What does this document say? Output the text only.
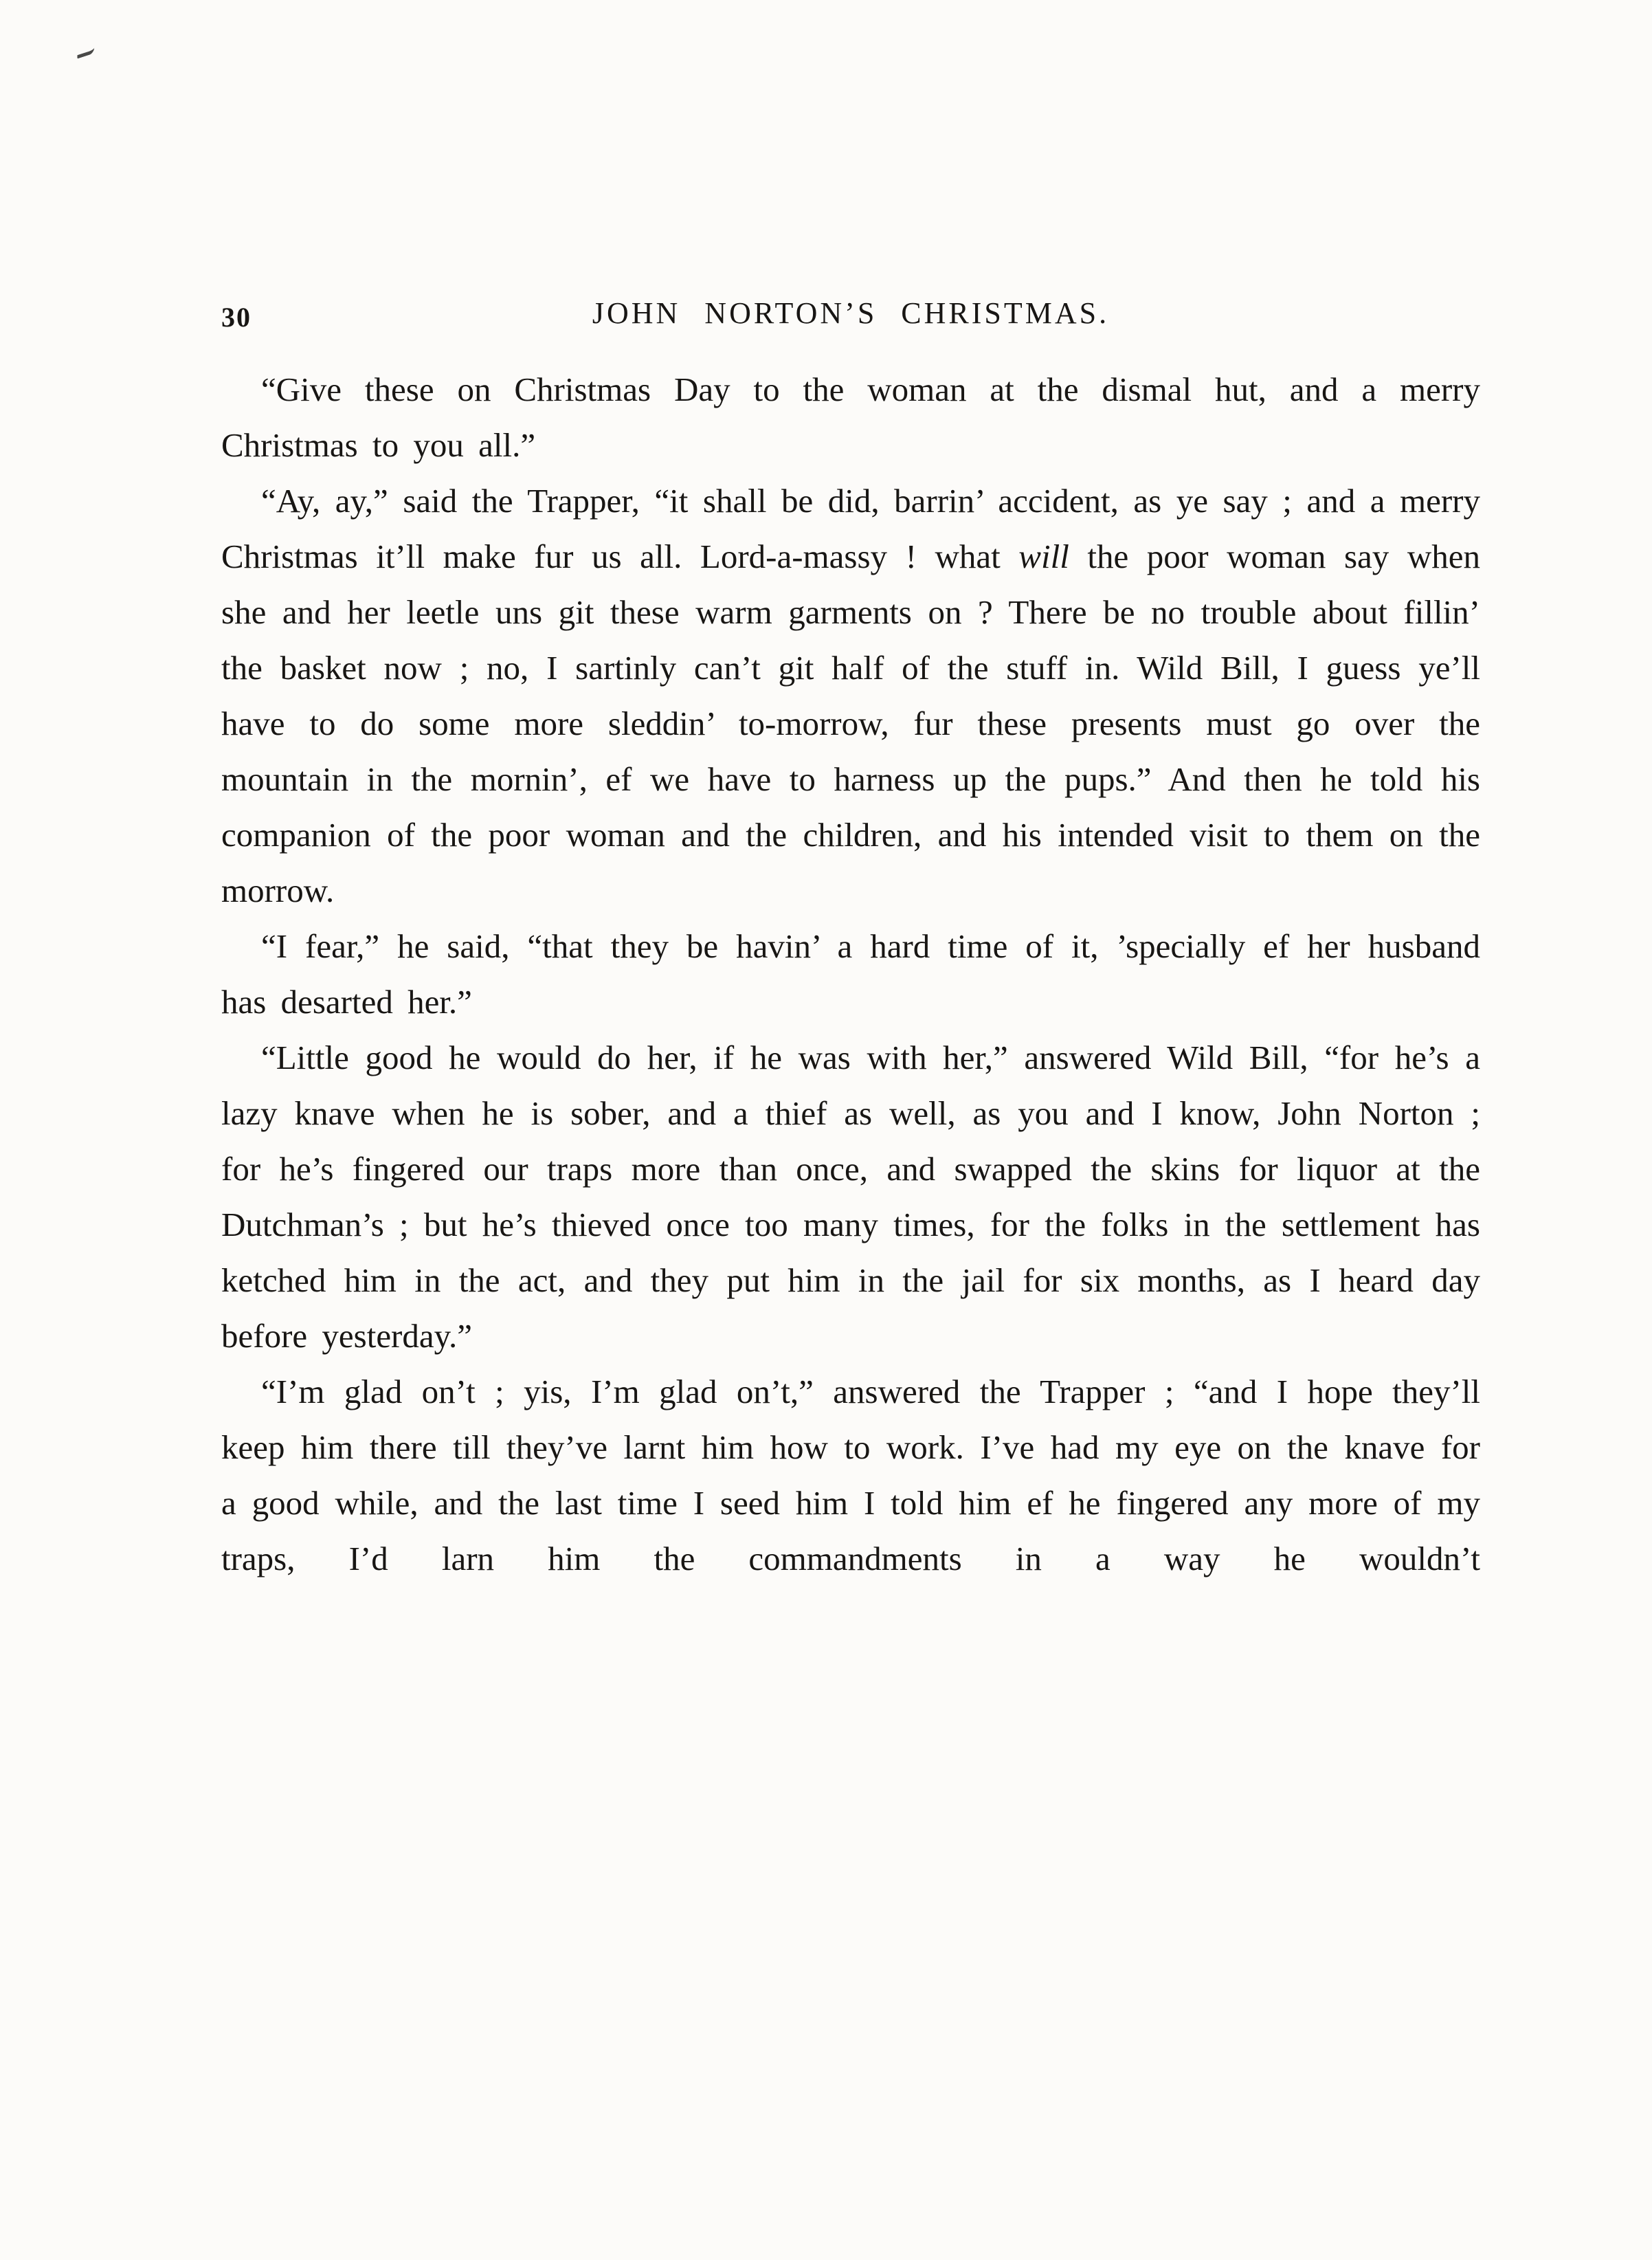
30	JOHN NORTON’S CHRISTMAS.

“Give these on Christmas Day to the woman at the dismal hut, and a merry Christmas to you all.”

“Ay, ay,” said the Trapper, “it shall be did, barrin’ accident, as ye say ; and a merry Christmas it’ll make fur us all. Lord-a-massy ! what will the poor woman say when she and her leetle uns git these warm garments on ? There be no trouble about fillin’ the basket now ; no, I sartinly can’t git half of the stuff in. Wild Bill, I guess ye’ll have to do some more sleddin’ to-morrow, fur these presents must go over the mountain in the mornin’, ef we have to harness up the pups.” And then he told his companion of the poor woman and the children, and his intended visit to them on the morrow.

“I fear,” he said, “that they be havin’ a hard time of it, ’specially ef her husband has desarted her.”

“Little good he would do her, if he was with her,” answered Wild Bill, “for he’s a lazy knave when he is sober, and a thief as well, as you and I know, John Norton ; for he’s fingered our traps more than once, and swapped the skins for liquor at the Dutchman’s ; but he’s thieved once too many times, for the folks in the settlement has ketched him in the act, and they put him in the jail for six months, as I heard day before yesterday.”

“I’m glad on’t ; yis, I’m glad on’t,” answered the Trapper ; “and I hope they’ll keep him there till they’ve larnt him how to work. I’ve had my eye on the knave for a good while, and the last time I seed him I told him ef he fingered any more of my traps, I’d larn him the commandments in a way he wouldn’t
